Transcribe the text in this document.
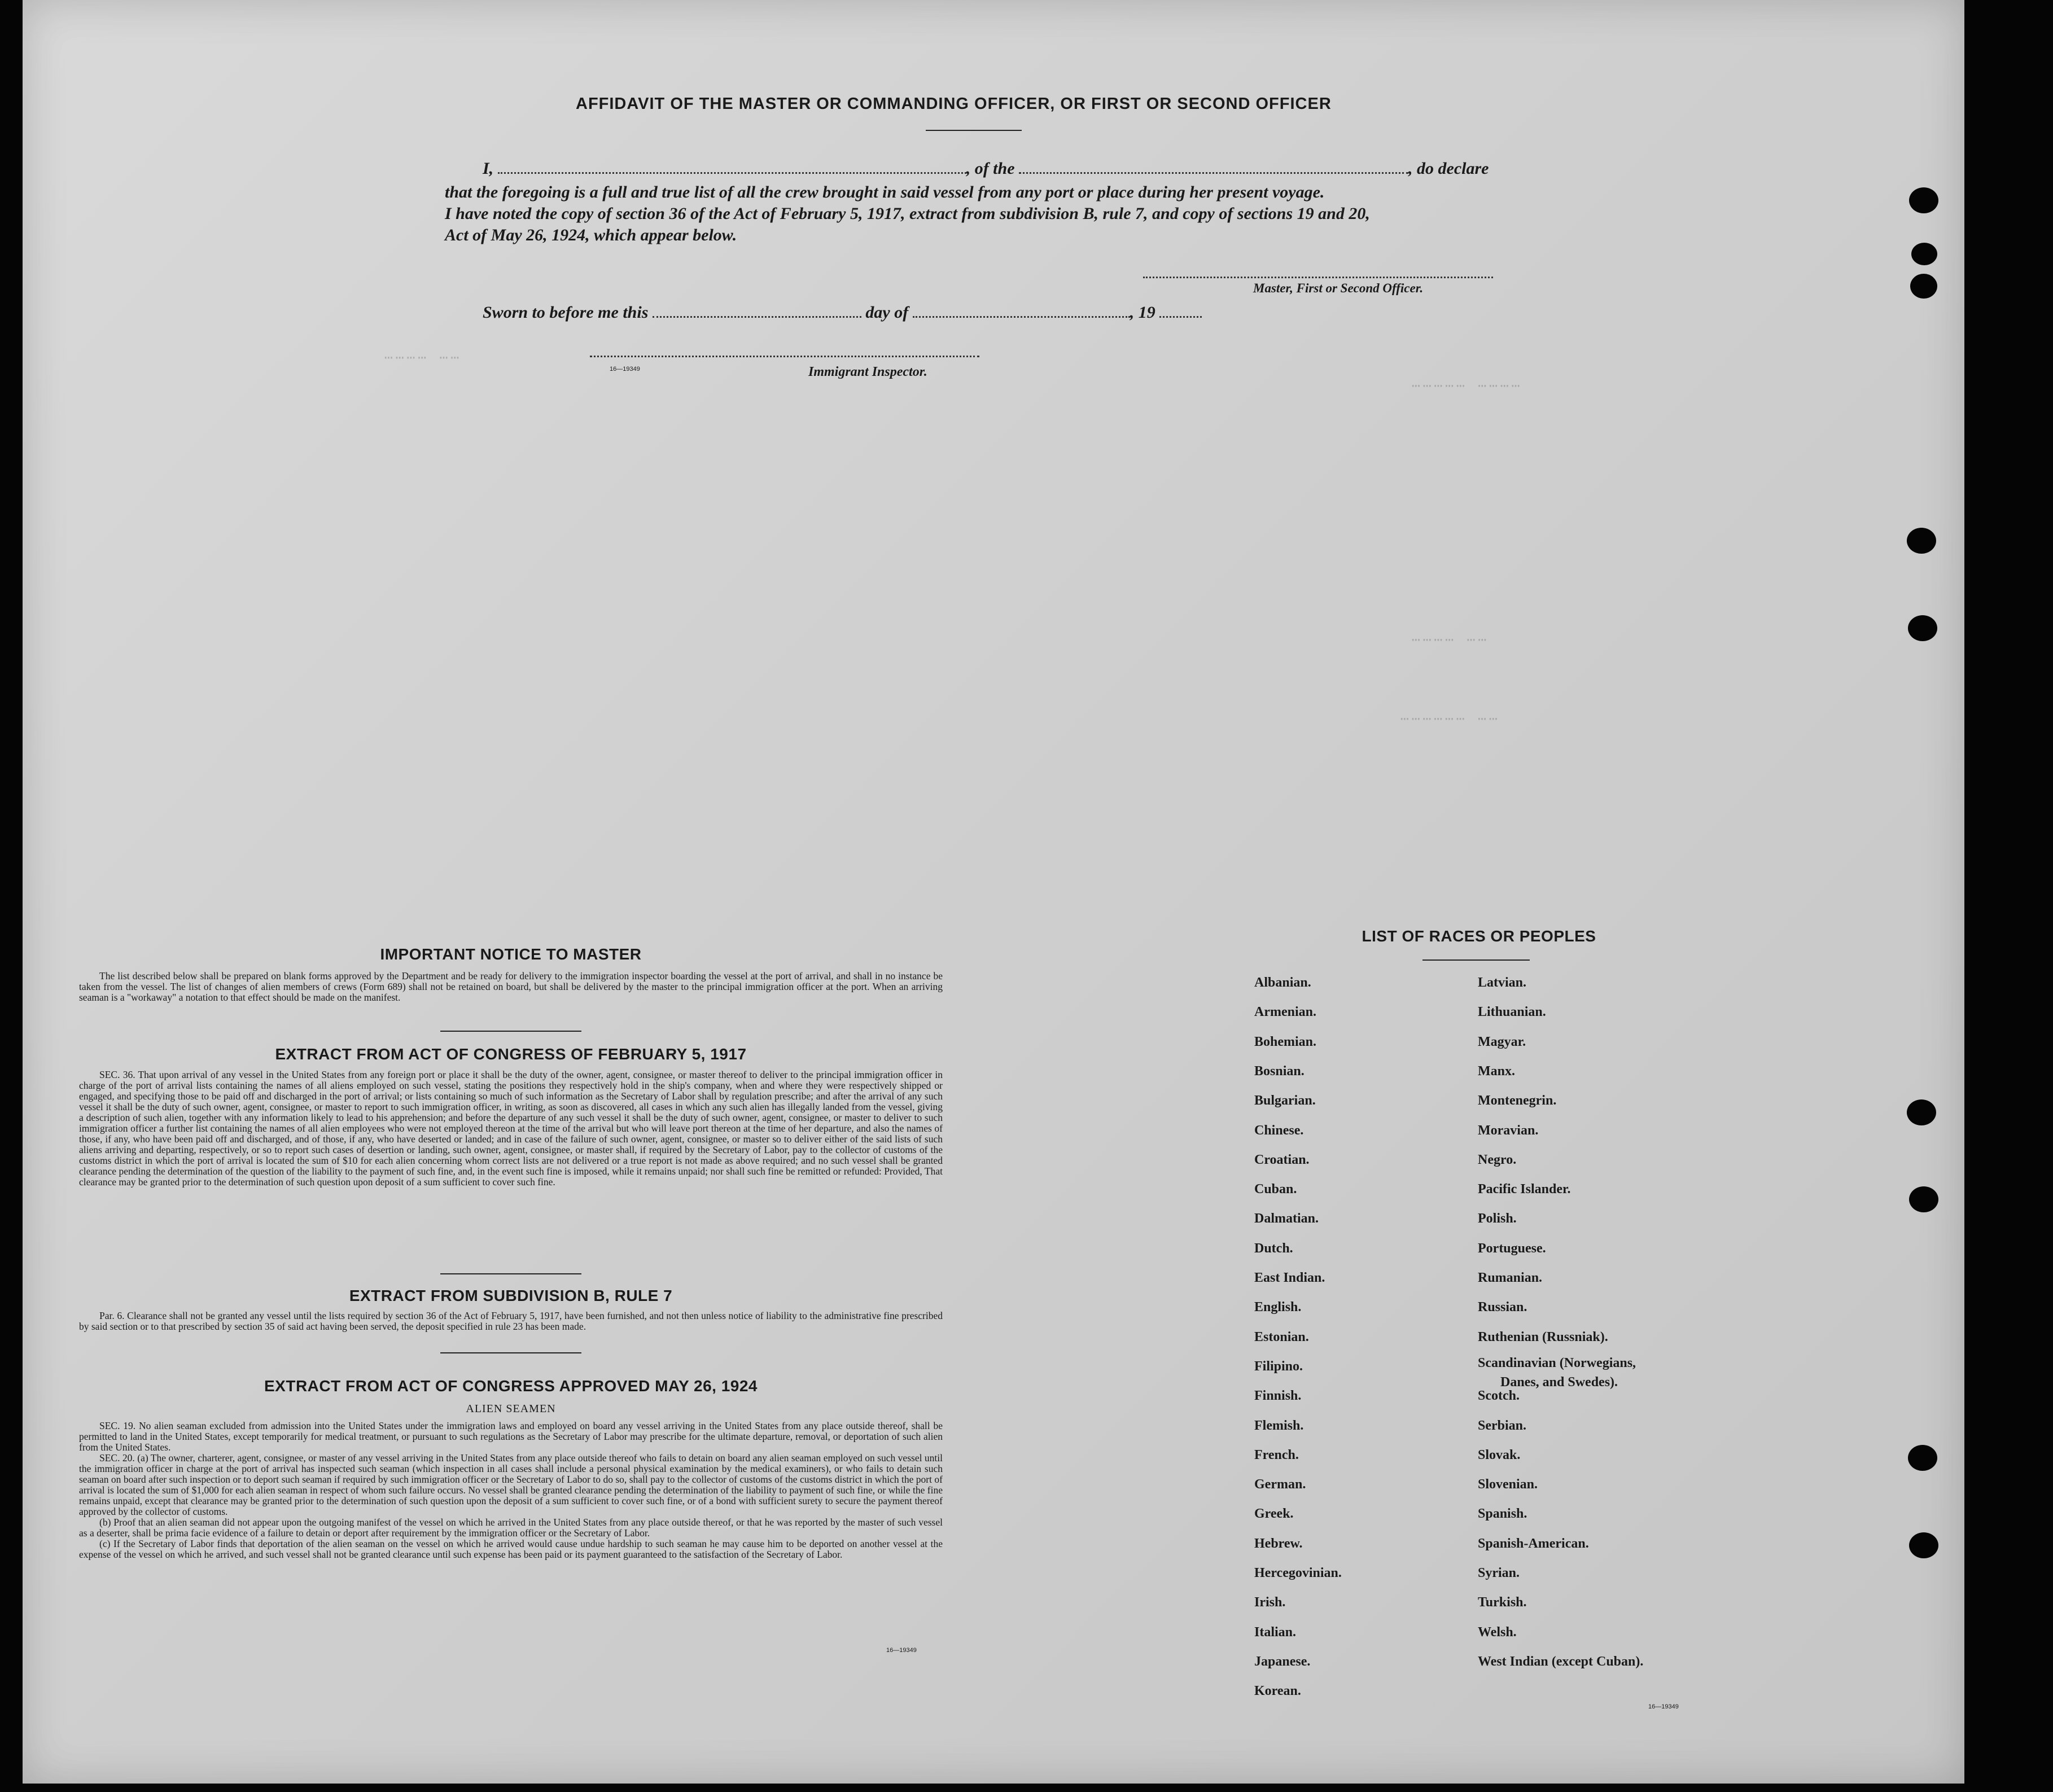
AFFIDAVIT OF THE MASTER OR COMMANDING OFFICER, OR FIRST OR SECOND OFFICER
I,	, of the	, do declare
that the foregoing is a full and true list of all the crew brought in said vessel from any port or place during her present voyage.
I have noted the copy of section 36 of the Act of February 5, 1917, extract from subdivision B, rule 7, and copy of sections 19 and 20,
Act of May 26, 1924, which appear below.
Master, First or Second Officer.
Sworn to before me this	day of	, 19
16—19349	Immigrant Inspector.
ⵈⵈⵈⵈ ⵈⵈ
ⵈⵈⵈⵈⵈ ⵈⵈⵈⵈ
ⵈⵈⵈⵈ ⵈⵈ
ⵈⵈⵈⵈⵈⵈ ⵈⵈ
IMPORTANT NOTICE TO MASTER

The list described below shall be prepared on blank forms approved by the Department and be ready for delivery to the immigration inspector boarding the vessel at the port of arrival, and shall in no instance be taken from the vessel. The list of changes of alien members of crews (Form 689) shall not be retained on board, but shall be delivered by the master to the principal immigration officer at the port. When an arriving seaman is a "workaway" a notation to that effect should be made on the manifest.

EXTRACT FROM ACT OF CONGRESS OF FEBRUARY 5, 1917

SEC. 36. That upon arrival of any vessel in the United States from any foreign port or place it shall be the duty of the owner, agent, consignee, or master thereof to deliver to the principal immigration officer in charge of the port of arrival lists containing the names of all aliens employed on such vessel, stating the positions they respectively hold in the ship's company, when and where they were respectively shipped or engaged, and specifying those to be paid off and discharged in the port of arrival; or lists containing so much of such information as the Secretary of Labor shall by regulation prescribe; and after the arrival of any such vessel it shall be the duty of such owner, agent, consignee, or master to report to such immigration officer, in writing, as soon as discovered, all cases in which any such alien has illegally landed from the vessel, giving a description of such alien, together with any information likely to lead to his apprehension; and before the departure of any such vessel it shall be the duty of such owner, agent, consignee, or master to deliver to such immigration officer a further list containing the names of all alien employees who were not employed thereon at the time of the arrival but who will leave port thereon at the time of her departure, and also the names of those, if any, who have been paid off and discharged, and of those, if any, who have deserted or landed; and in case of the failure of such owner, agent, consignee, or master so to deliver either of the said lists of such aliens arriving and departing, respectively, or so to report such cases of desertion or landing, such owner, agent, consignee, or master shall, if required by the Secretary of Labor, pay to the collector of customs of the customs district in which the port of arrival is located the sum of $10 for each alien concerning whom correct lists are not delivered or a true report is not made as above required; and no such vessel shall be granted clearance pending the determination of the question of the liability to the payment of such fine, and, in the event such fine is imposed, while it remains unpaid; nor shall such fine be remitted or refunded: Provided, That clearance may be granted prior to the determination of such question upon deposit of a sum sufficient to cover such fine.

EXTRACT FROM SUBDIVISION B, RULE 7

Par. 6. Clearance shall not be granted any vessel until the lists required by section 36 of the Act of February 5, 1917, have been furnished, and not then unless notice of liability to the administrative fine prescribed by said section or to that prescribed by section 35 of said act having been served, the deposit specified in rule 23 has been made.

EXTRACT FROM ACT OF CONGRESS APPROVED MAY 26, 1924
ALIEN SEAMEN

SEC. 19. No alien seaman excluded from admission into the United States under the immigration laws and employed on board any vessel arriving in the United States from any place outside thereof, shall be permitted to land in the United States, except temporarily for medical treatment, or pursuant to such regulations as the Secretary of Labor may prescribe for the ultimate departure, removal, or deportation of such alien from the United States.

SEC. 20. (a) The owner, charterer, agent, consignee, or master of any vessel arriving in the United States from any place outside thereof who fails to detain on board any alien seaman employed on such vessel until the immigration officer in charge at the port of arrival has inspected such seaman (which inspection in all cases shall include a personal physical examination by the medical examiners), or who fails to detain such seaman on board after such inspection or to deport such seaman if required by such immigration officer or the Secretary of Labor to do so, shall pay to the collector of customs of the customs district in which the port of arrival is located the sum of $1,000 for each alien seaman in respect of whom such failure occurs. No vessel shall be granted clearance pending the determination of the liability to payment of such fine, or while the fine remains unpaid, except that clearance may be granted prior to the determination of such question upon the deposit of a sum sufficient to cover such fine, or of a bond with sufficient surety to secure the payment thereof approved by the collector of customs.

(b) Proof that an alien seaman did not appear upon the outgoing manifest of the vessel on which he arrived in the United States from any place outside thereof, or that he was reported by the master of such vessel as a deserter, shall be prima facie evidence of a failure to detain or deport after requirement by the immigration officer or the Secretary of Labor.

(c) If the Secretary of Labor finds that deportation of the alien seaman on the vessel on which he arrived would cause undue hardship to such seaman he may cause him to be deported on another vessel at the expense of the vessel on which he arrived, and such vessel shall not be granted clearance until such expense has been paid or its payment guaranteed to the satisfaction of the Secretary of Labor.

16—19349
LIST OF RACES OR PEOPLES
Albanian.
Armenian.
Bohemian.
Bosnian.
Bulgarian.
Chinese.
Croatian.
Cuban.
Dalmatian.
Dutch.
East Indian.
English.
Estonian.
Filipino.
Finnish.
Flemish.
French.
German.
Greek.
Hebrew.
Hercegovinian.
Irish.
Italian.
Japanese.
Korean.
Latvian.
Lithuanian.
Magyar.
Manx.
Montenegrin.
Moravian.
Negro.
Pacific Islander.
Polish.
Portuguese.
Rumanian.
Russian.
Ruthenian (Russniak).
Scandinavian (Norwegians,
Danes, and Swedes).
Scotch.
Serbian.
Slovak.
Slovenian.
Spanish.
Spanish-American.
Syrian.
Turkish.
Welsh.
West Indian (except Cuban).
16—19349
